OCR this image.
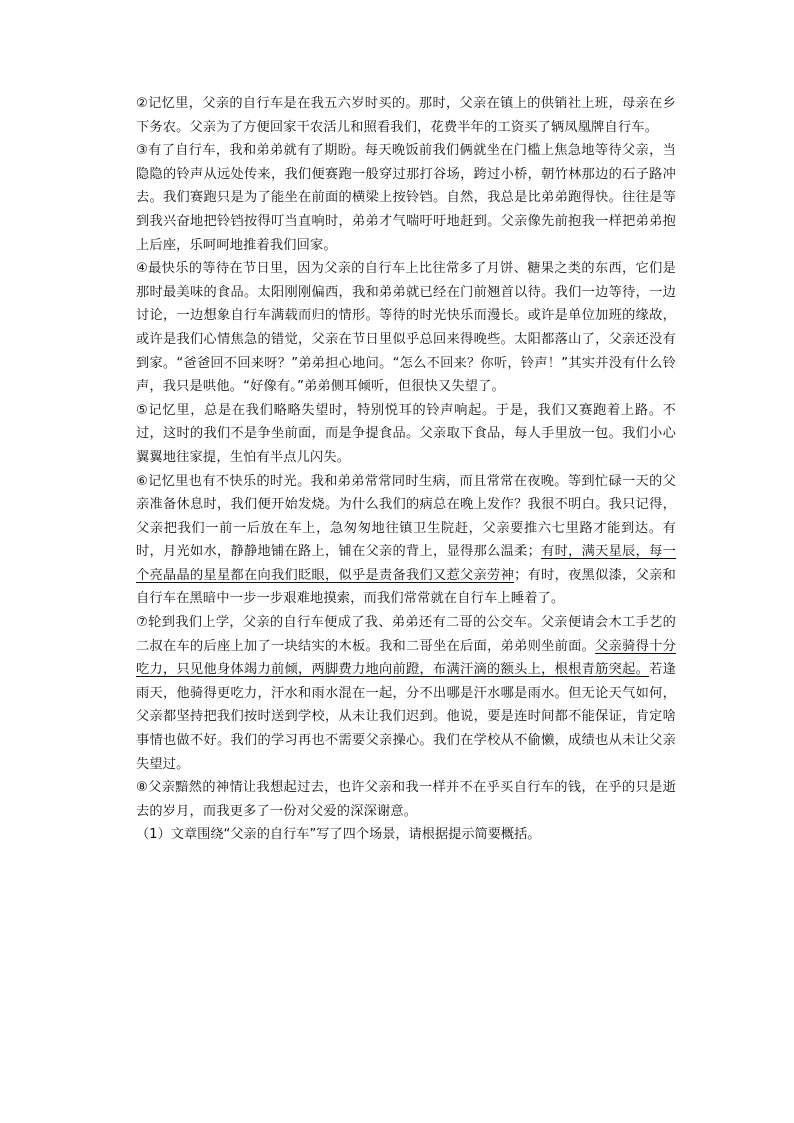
②记忆里，父亲的自行车是在我五六岁时买的。那时，父亲在镇上的供销社上班，母亲在乡下务农。父亲为了方便回家干农活儿和照看我们，花费半年的工资买了辆凤凰牌自行车。

③有了自行车，我和弟弟就有了期盼。每天晚饭前我们俩就坐在门槛上焦急地等待父亲，当隐隐的铃声从远处传来，我们便赛跑一般穿过那打谷场，跨过小桥，朝竹林那边的石子路冲去。我们赛跑只是为了能坐在前面的横梁上按铃铛。自然，我总是比弟弟跑得快。往往是等到我兴奋地把铃铛按得叮当直响时，弟弟才气喘吁吁地赶到。父亲像先前抱我一样把弟弟抱上后座，乐呵呵地推着我们回家。

④最快乐的等待在节日里，因为父亲的自行车上比往常多了月饼、糖果之类的东西，它们是那时最美味的食品。太阳刚刚偏西，我和弟弟就已经在门前翘首以待。我们一边等待，一边讨论，一边想象自行车满载而归的情形。等待的时光快乐而漫长。或许是单位加班的缘故，或许是我们心情焦急的错觉，父亲在节日里似乎总回来得晚些。太阳都落山了，父亲还没有到家。“爸爸回不回来呀？”弟弟担心地问。“怎么不回来？你听，铃声！”其实并没有什么铃声，我只是哄他。“好像有。”弟弟侧耳倾听，但很快又失望了。

⑤记忆里，总是在我们略略失望时，特别悦耳的铃声响起。于是，我们又赛跑着上路。不过，这时的我们不是争坐前面，而是争提食品。父亲取下食品，每人手里放一包。我们小心翼翼地往家提，生怕有半点儿闪失。

⑥记忆里也有不快乐的时光。我和弟弟常常同时生病，而且常常在夜晚。等到忙碌一天的父亲准备休息时，我们便开始发烧。为什么我们的病总在晚上发作？我很不明白。我只记得，父亲把我们一前一后放在车上，急匆匆地往镇卫生院赶，父亲要推六七里路才能到达。有时，月光如水，静静地铺在路上，铺在父亲的背上，显得那么温柔；有时，满天星辰，每一个亮晶晶的星星都在向我们眨眼，似乎是责备我们又惹父亲劳神；有时，夜黑似漆，父亲和自行车在黑暗中一步一步艰难地摸索，而我们常常就在自行车上睡着了。

⑦轮到我们上学，父亲的自行车便成了我、弟弟还有二哥的公交车。父亲便请会木工手艺的二叔在车的后座上加了一块结实的木板。我和二哥坐在后面，弟弟则坐前面。父亲骑得十分吃力，只见他身体竭力前倾，两脚费力地向前蹬，布满汗滴的额头上，根根青筋突起。若逢雨天，他骑得更吃力，汗水和雨水混在一起，分不出哪是汗水哪是雨水。但无论天气如何，父亲都坚持把我们按时送到学校，从未让我们迟到。他说，要是连时间都不能保证，肯定啥事情也做不好。我们的学习再也不需要父亲操心。我们在学校从不偷懒，成绩也从未让父亲失望过。

⑧父亲黯然的神情让我想起过去，也许父亲和我一样并不在乎买自行车的钱，在乎的只是逝去的岁月，而我更多了一份对父爱的深深谢意。

（1）文章围绕“父亲的自行车”写了四个场景，请根据提示简要概括。
